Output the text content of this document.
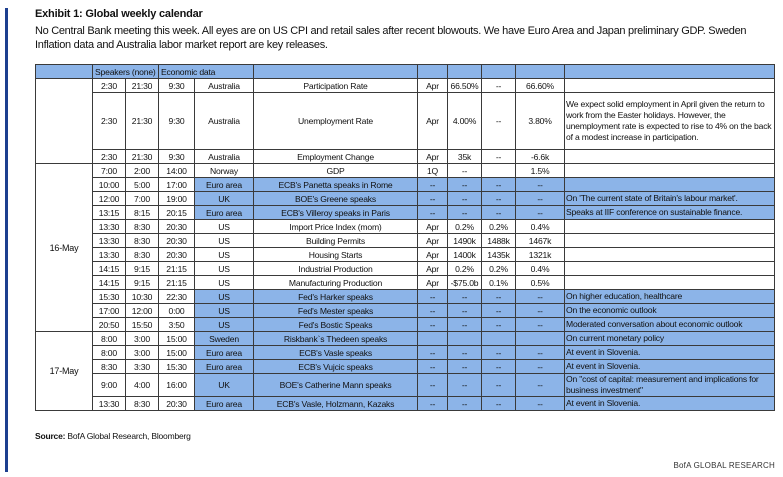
Exhibit 1: Global weekly calendar
No Central Bank meeting this week. All eyes are on US CPI and retail sales after recent blowouts. We have Euro Area and Japan preliminary GDP. Sweden Inflation data and Australia labor market report are key releases.
	Speakers (none)		Economic data							
	2:30	21:30	9:30	Australia	Participation Rate	Apr	66.50%	--	66.60%	
	2:30	21:30	9:30	Australia	Unemployment Rate	Apr	4.00%	--	3.80%	We expect solid employment in April given the return to work from the Easter holidays. However, the unemployment rate is expected to rise to 4% on the back of a modest increase in participation.
	2:30	21:30	9:30	Australia	Employment Change	Apr	35k	--	-6.6k	
16-May	7:00	2:00	14:00	Norway	GDP	1Q	--		1.5%	
	10:00	5:00	17:00	Euro area	ECB's Panetta speaks in Rome	--	--	--	--	
	12:00	7:00	19:00	UK	BOE's Greene speaks	--	--	--	--	On 'The current state of Britain's labour market'.
	13:15	8:15	20:15	Euro area	ECB's Villeroy speaks in Paris	--	--	--	--	Speaks at IIF conference on sustainable finance.
	13:30	8:30	20:30	US	Import Price Index (mom)	Apr	0.2%	0.2%	0.4%	
	13:30	8:30	20:30	US	Building Permits	Apr	1490k	1488k	1467k	
	13:30	8:30	20:30	US	Housing Starts	Apr	1400k	1435k	1321k	
	14:15	9:15	21:15	US	Industrial Production	Apr	0.2%	0.2%	0.4%	
	14:15	9:15	21:15	US	Manufacturing Production	Apr	-$75.0b	0.1%	0.5%	
	15:30	10:30	22:30	US	Fed's Harker speaks	--	--	--	--	On higher education, healthcare
	17:00	12:00	0:00	US	Fed's Mester speaks	--	--	--	--	On the economic outlook
	20:50	15:50	3:50	US	Fed's Bostic Speaks	--	--	--	--	Moderated conversation about economic outlook
17-May	8:00	3:00	15:00	Sweden	Riskbank`s Thedeen speaks					On current monetary policy
	8:00	3:00	15:00	Euro area	ECB's Vasle speaks	--	--	--	--	At event in Slovenia.
	8:30	3:30	15:30	Euro area	ECB's Vujcic speaks	--	--	--	--	At event in Slovenia.
	9:00	4:00	16:00	UK	BOE's Catherine Mann speaks	--	--	--	--	On "cost of capital: measurement and implications for business investment"
	13:30	8:30	20:30	Euro area	ECB's Vasle, Holzmann, Kazaks	--	--	--	--	At event in Slovenia.
Source: BofA Global Research, Bloomberg
BofA GLOBAL RESEARCH
